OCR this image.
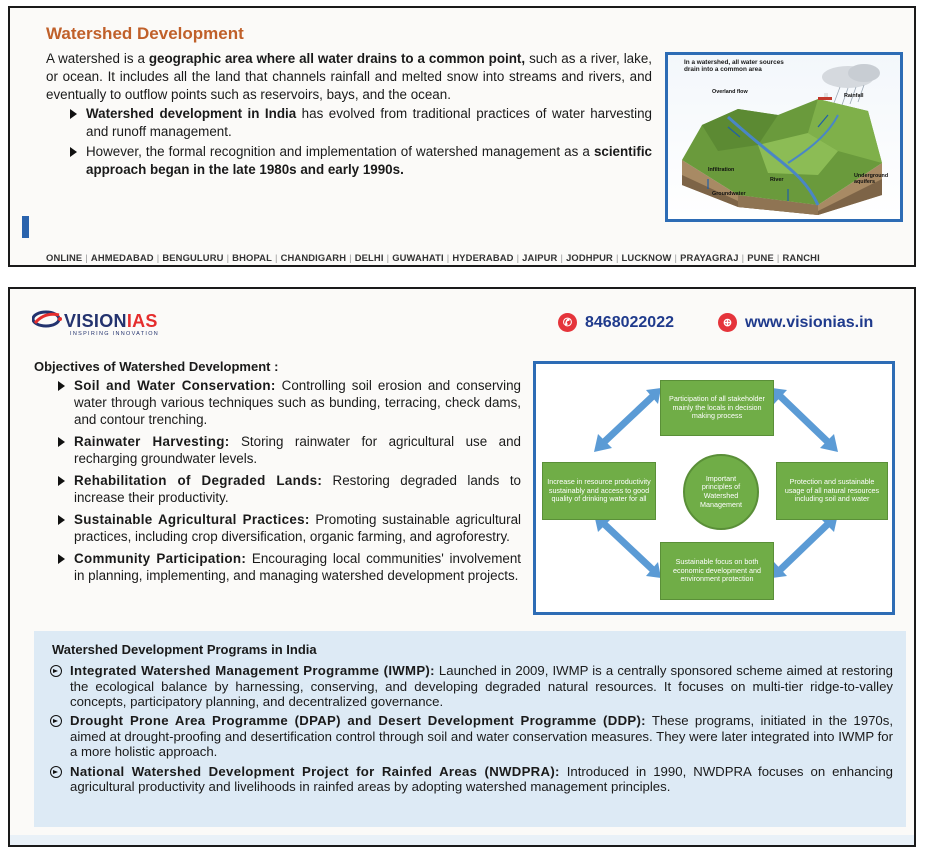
Watershed Development

A watershed is a geographic area where all water drains to a common point, such as a river, lake, or ocean. It includes all the land that channels rainfall and melted snow into streams and rivers, and eventually to outflow points such as reservoirs, bays, and the ocean.

Watershed development in India has evolved from traditional practices of water harvesting and runoff management.
However, the formal recognition and implementation of watershed management as a scientific approach began in the late 1980s and early 1990s.
In a watershed, all water sources drain into a common area
Overland flow
Rainfall
Infiltration
River
Groundwater
Underground aquifers
ONLINE | AHMEDABAD | BENGULURU | BHOPAL | CHANDIGARH | DELHI | GUWAHATI | HYDERABAD | JAIPUR | JODHPUR | LUCKNOW | PRAYAGRAJ | PUNE | RANCHI
VISIONIAS
INSPIRING INNOVATION
✆ 8468022022	⊕ www.visionias.in
Objectives of Watershed Development :
Soil and Water Conservation: Controlling soil erosion and conserving water through various techniques such as bunding, terracing, check dams, and contour trenching.
Rainwater Harvesting: Storing rainwater for agricultural use and recharging groundwater levels.
Rehabilitation of Degraded Lands: Restoring degraded lands to increase their productivity.
Sustainable Agricultural Practices: Promoting sustainable agricultural practices, including crop diversification, organic farming, and agroforestry.
Community Participation: Encouraging local communities' involvement in planning, implementing, and managing watershed development projects.
Participation of all stakeholder mainly the locals in decision making process
Protection and sustainable usage of all natural resources including soil and water
Sustainable focus on both economic development and environment protection
Increase in resource productivity sustainably and access to good quality of drinking water for all
Important principles of Watershed Management
Watershed Development Programs in India
Integrated Watershed Management Programme (IWMP): Launched in 2009, IWMP is a centrally sponsored scheme aimed at restoring the ecological balance by harnessing, conserving, and developing degraded natural resources. It focuses on multi-tier ridge-to-valley concepts, participatory planning, and decentralized governance.
Drought Prone Area Programme (DPAP) and Desert Development Programme (DDP): These programs, initiated in the 1970s, aimed at drought-proofing and desertification control through soil and water conservation measures. They were later integrated into IWMP for a more holistic approach.
National Watershed Development Project for Rainfed Areas (NWDPRA): Introduced in 1990, NWDPRA focuses on enhancing agricultural productivity and livelihoods in rainfed areas by adopting watershed management principles.
